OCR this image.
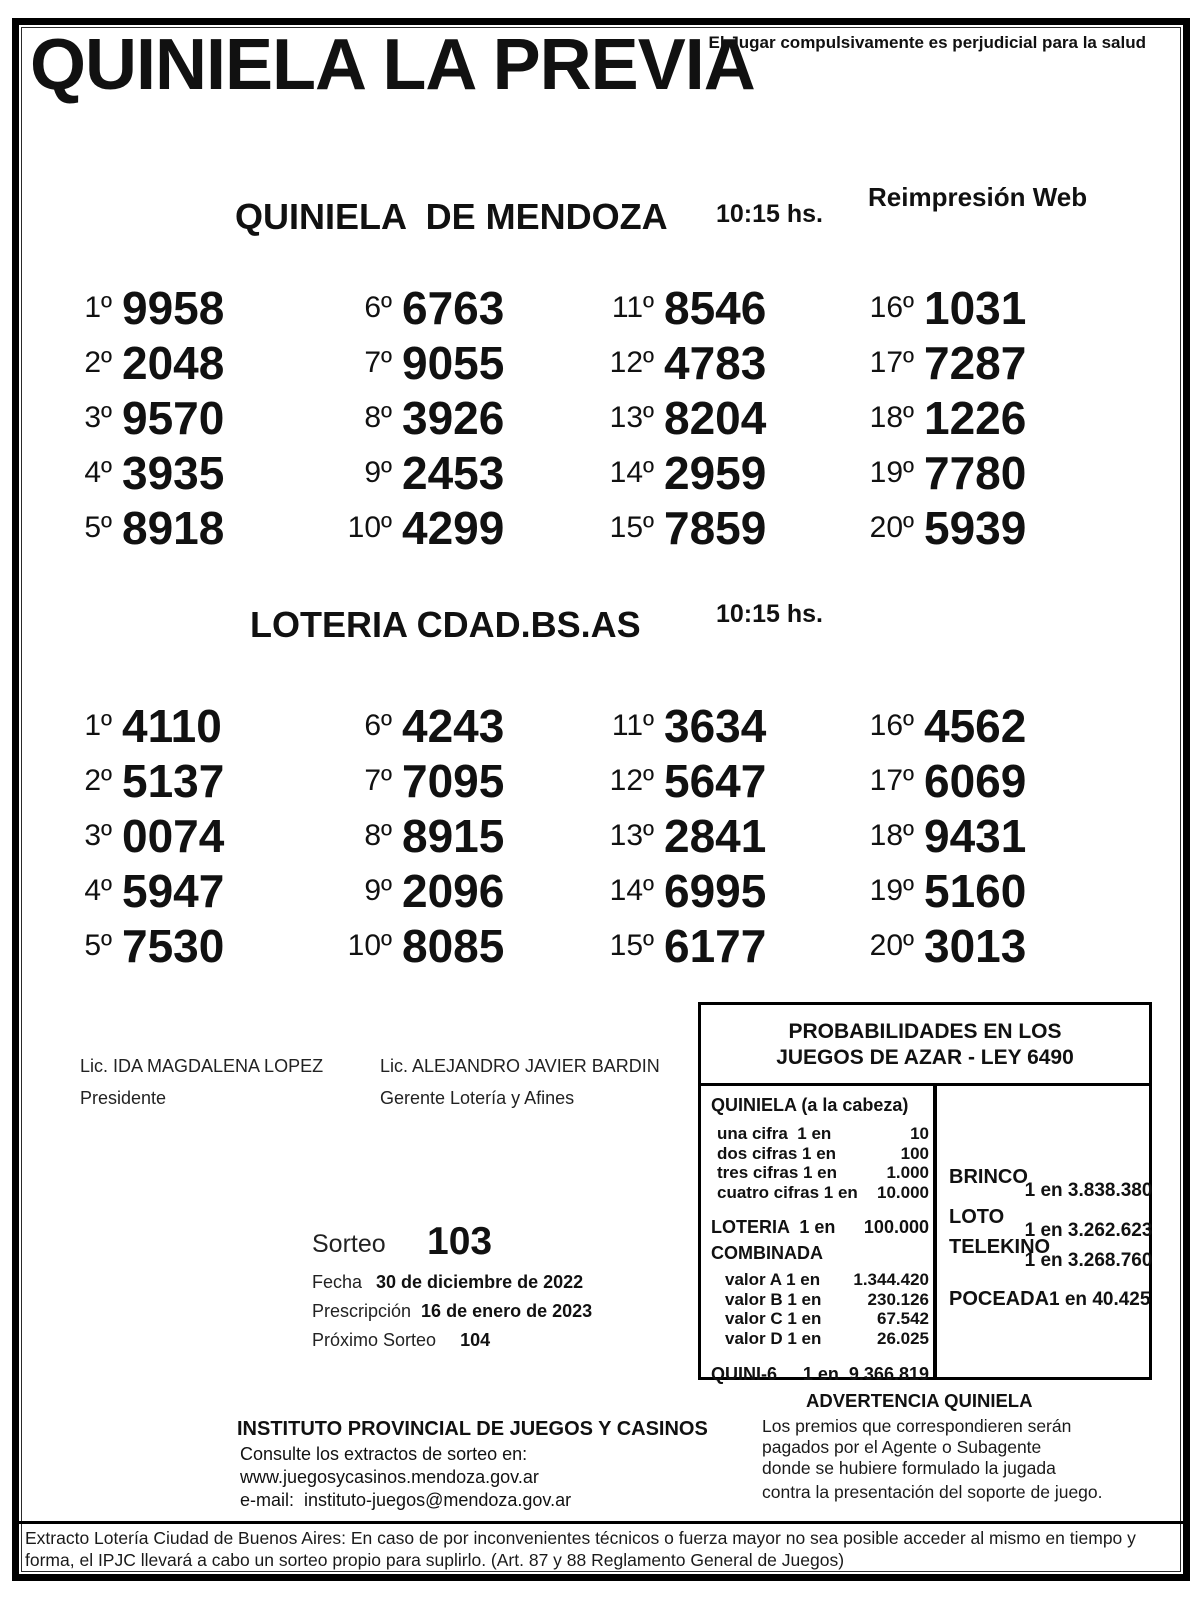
QUINIELA LA PREVIA
El Jugar compulsivamente es perjudicial para la salud
Reimpresión Web
QUINIELA  DE MENDOZA 10:15 hs.
1º 9958	6º 6763	11º 8546	16º 1031
2º 2048	7º 9055	12º 4783	17º 7287
3º 9570	8º 3926	13º 8204	18º 1226
4º 3935	9º 2453	14º 2959	19º 7780
5º 8918	10º 4299	15º 7859	20º 5939
LOTERIA CDAD.BS.AS	10:15 hs.
1º 4110	6º 4243	11º 3634	16º 4562
2º 5137	7º 7095	12º 5647	17º 6069
3º 0074	8º 8915	13º 2841	18º 9431
4º 5947	9º 2096	14º 6995	19º 5160
5º 7530	10º 8085	15º 6177	20º 3013
Lic. IDA MAGDALENA LOPEZ
Presidente
Lic. ALEJANDRO JAVIER BARDIN
Gerente Lotería y Afines
Sorteo 103
Fecha 30 de diciembre de 2022
Prescripción 16 de enero de 2023
Próximo Sorteo 104
PROBABILIDADES EN LOS
JUEGOS DE AZAR - LEY 6490
QUINIELA (a la cabeza)
una cifra  1 en	10
dos cifras 1 en	100
tres cifras 1 en	1.000
cuatro cifras 1 en 10.000
LOTERIA  1 en 100.000
COMBINADA
valor A 1 en 1.344.420
valor B 1 en	230.126
valor C 1 en	67.542
valor D 1 en	26.025
QUINI-6 1 en  9.366.819
BRINCO
1 en 3.838.380
LOTO
1 en 3.262.623
TELEKINO
1 en 3.268.760
POCEADA 1 en 40.425
INSTITUTO PROVINCIAL DE JUEGOS Y CASINOS
Consulte los extractos de sorteo en:
www.juegosycasinos.mendoza.gov.ar
e-mail:  instituto-juegos@mendoza.gov.ar
ADVERTENCIA QUINIELA
Los premios que correspondieren serán
pagados por el Agente o Subagente
donde se hubiere formulado la jugada
contra la presentación del soporte de juego.
Extracto Lotería Ciudad de Buenos Aires: En caso de por inconvenientes técnicos o fuerza mayor no sea posible acceder al mismo en tiempo y
forma, el IPJC llevará a cabo un sorteo propio para suplirlo. (Art. 87 y 88 Reglamento General de Juegos)
